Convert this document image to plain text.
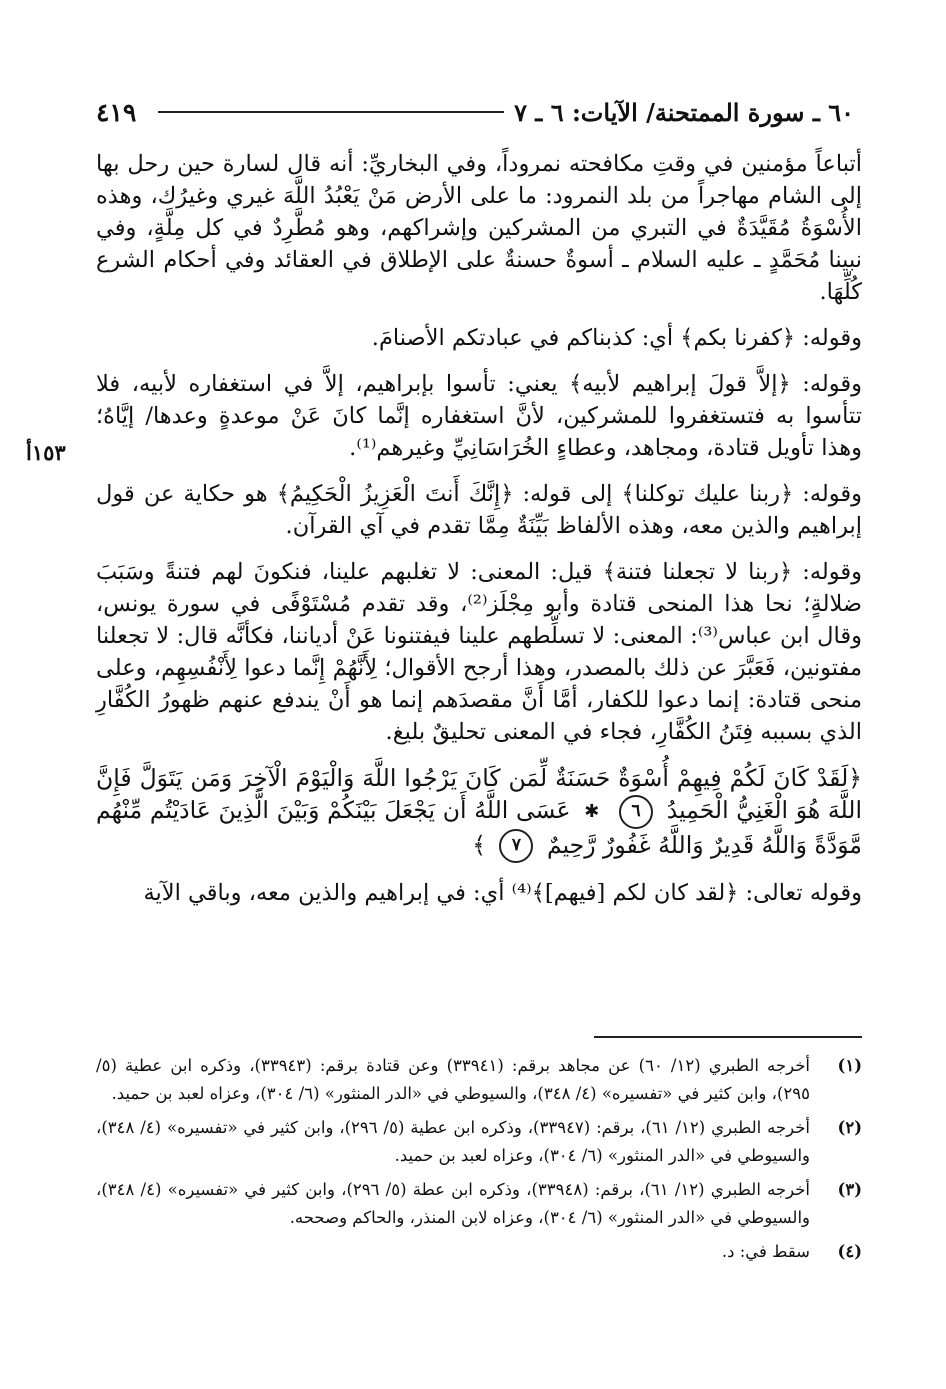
٤١٩	٦٠ ـ سورة الممتحنة/ الآيات: ٦ ـ ٧
١٥٣أ

أتباعاً مؤمنين في وقتِ مكافحته نمروداً، وفي البخاريِّ: أنه قال لسارة حين رحل بها إلى الشام مهاجراً من بلد النمرود: ما على الأرض مَنْ يَعْبُدُ اللَّهَ غيري وغيرُك، وهذه الأُسْوَةُ مُقَيَّدَةٌ في التبري من المشركين وإشراكهم، وهو مُطَّرِدٌ في كل مِلَّةٍ، وفي نبينا مُحَمَّدٍ ـ عليه السلام ـ أسوةٌ حسنةٌ على الإطلاق في العقائد وفي أحكام الشرع كُلِّهَا.

وقوله: ﴿كفرنا بكم﴾ أي: كذبناكم في عبادتكم الأصنامَ.

وقوله: ﴿إلاَّ قولَ إبراهيم لأبيه﴾ يعني: تأسوا بإبراهيم، إلاَّ في استغفاره لأبيه، فلا تتأسوا به فتستغفروا للمشركين، لأنَّ استغفاره إنَّما كانَ عَنْ موعدةٍ وعدها/ إيَّاهُ؛ وهذا تأويل قتادة، ومجاهد، وعطاءٍ الخُرَاسَانِيِّ وغيرهم⁽¹⁾.

وقوله: ﴿ربنا عليك توكلنا﴾ إلى قوله: ﴿إِنَّكَ أَنتَ الْعَزِيزُ الْحَكِيمُ﴾ هو حكاية عن قول إبراهيم والذين معه، وهذه الألفاظ بَيِّنَةٌ مِمَّا تقدم في آي القرآن.

وقوله: ﴿ربنا لا تجعلنا فتنة﴾ قيل: المعنى: لا تغلبهم علينا، فنكونَ لهم فتنةً وسَبَبَ ضلالةٍ؛ نحا هذا المنحى قتادة وأبو مِجْلَز⁽²⁾، وقد تقدم مُسْتَوْفًى في سورة يونس، وقال ابن عباس⁽³⁾: المعنى: لا تسلِّطهم علينا فيفتنونا عَنْ أدياننا، فكأنَّه قال: لا تجعلنا مفتونين، فَعَبَّرَ عن ذلك بالمصدر، وهذا أرجح الأقوال؛ لِأَنَّهُمْ إِنَّما دعوا لِأَنْفُسِهِم، وعلى منحى قتادة: إنما دعوا للكفار، أمَّا أَنَّ مقصدَهم إنما هو أَنْ يندفع عنهم ظهورُ الكُفَّارِ الذي بسببه فِتَنُ الكُفَّارِ، فجاء في المعنى تحليقٌ بليغ.

﴿لَقَدْ كَانَ لَكُمْ فِيهِمْ أُسْوَةٌ حَسَنَةٌ لِّمَن كَانَ يَرْجُوا اللَّهَ وَالْيَوْمَ الْآخِرَ وَمَن يَتَوَلَّ فَإِنَّ اللَّهَ هُوَ الْغَنِيُّ الْحَمِيدُ ٦ ✱ عَسَى اللَّهُ أَن يَجْعَلَ بَيْنَكُمْ وَبَيْنَ الَّذِينَ عَادَيْتُم مِّنْهُم مَّوَدَّةً وَاللَّهُ قَدِيرٌ وَاللَّهُ غَفُورٌ رَّحِيمٌ ٧ ﴾

وقوله تعالى: ﴿لقد كان لكم [فيهم]﴾⁽⁴⁾ أي: في إبراهيم والذين معه، وباقي الآية

(١)
أخرجه الطبري (١٢/ ٦٠) عن مجاهد برقم: (٣٣٩٤١) وعن قتادة برقم: (٣٣٩٤٣)، وذكره ابن عطية (٥/ ٢٩٥)، وابن كثير في «تفسيره» (٤/ ٣٤٨)، والسيوطي في «الدر المنثور» (٦/ ٣٠٤)، وعزاه لعبد بن حميد.
(٢)
أخرجه الطبري (١٢/ ٦١)، برقم: (٣٣٩٤٧)، وذكره ابن عطية (٥/ ٢٩٦)، وابن كثير في «تفسيره» (٤/ ٣٤٨)، والسيوطي في «الدر المنثور» (٦/ ٣٠٤)، وعزاه لعبد بن حميد.
(٣)
أخرجه الطبري (١٢/ ٦١)، برقم: (٣٣٩٤٨)، وذكره ابن عطة (٥/ ٢٩٦)، وابن كثير في «تفسيره» (٤/ ٣٤٨)، والسيوطي في «الدر المنثور» (٦/ ٣٠٤)، وعزاه لابن المنذر، والحاكم وصححه.
(٤)
سقط في: د.
